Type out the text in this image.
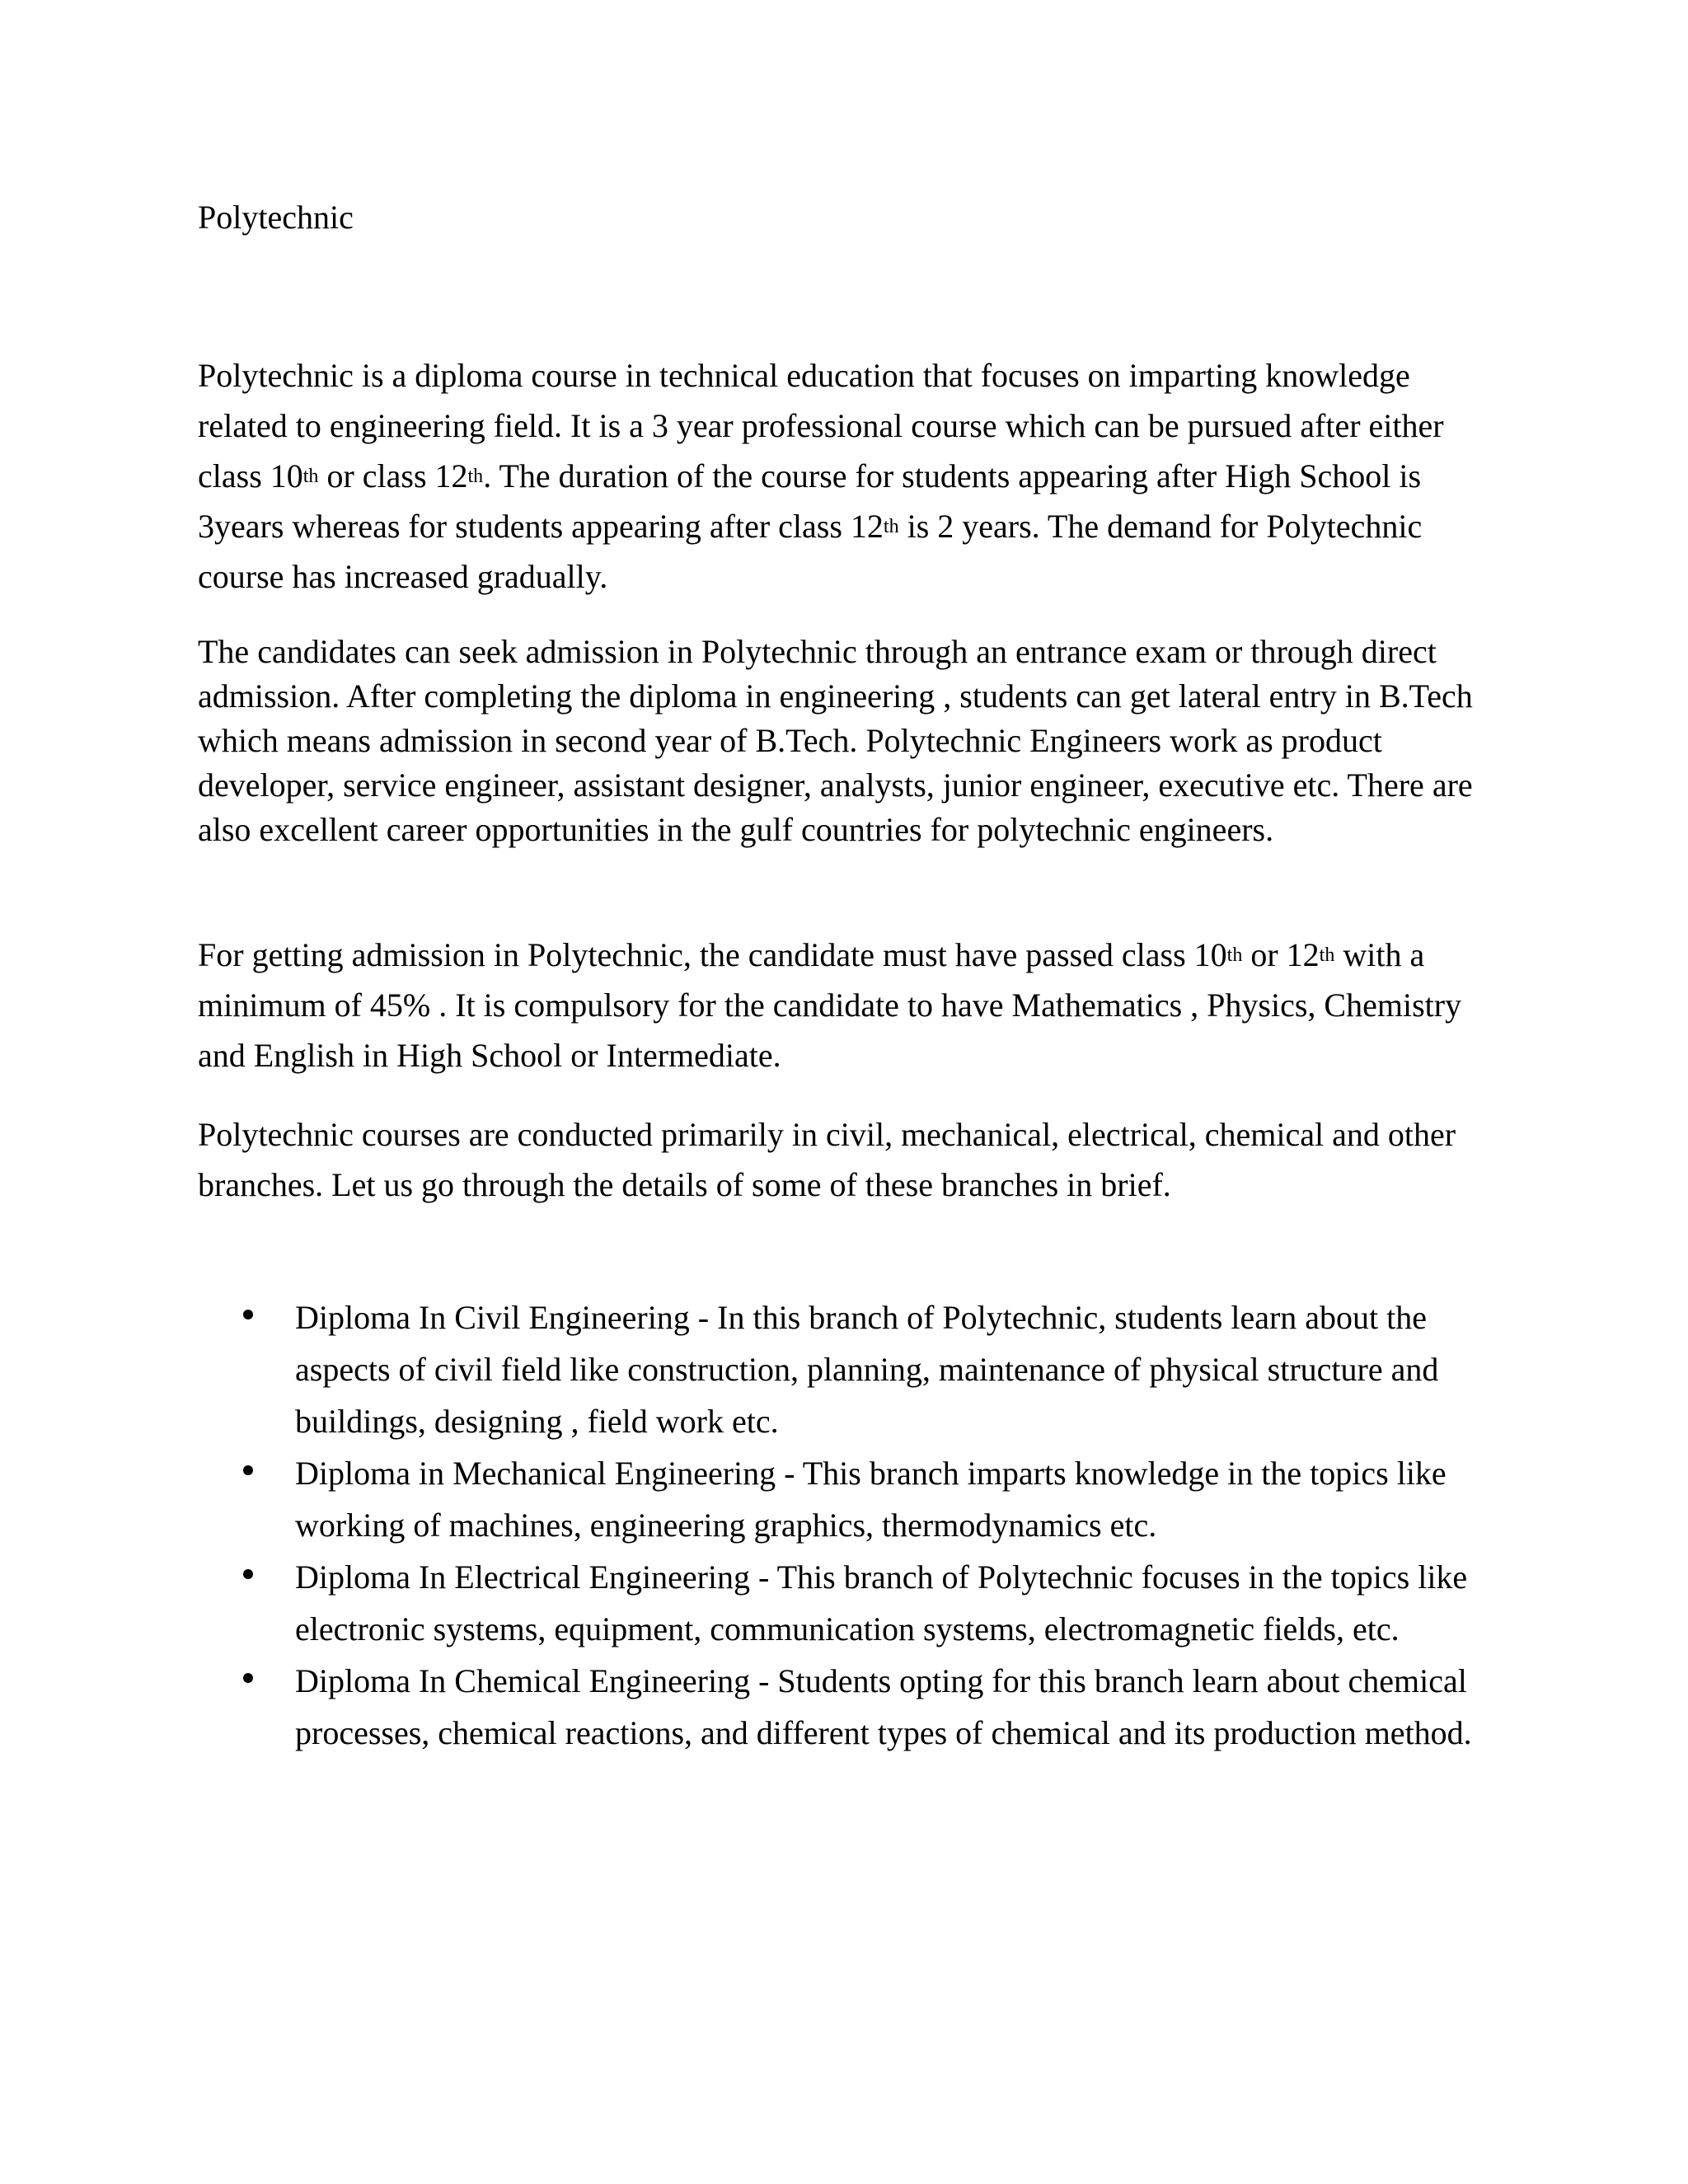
Polytechnic

Polytechnic is a diploma course in technical education that focuses on imparting knowledge related to engineering field. It is a 3 year professional course which can be pursued after either class 10th or class 12th. The duration of the course for students appearing after High School is 3years whereas for students appearing after class 12th is 2 years. The demand for Polytechnic course has increased gradually.

The candidates can seek admission in Polytechnic through an entrance exam or through direct admission. After completing the diploma in engineering , students can get lateral entry in B.Tech which means admission in second year of B.Tech. Polytechnic Engineers work as product developer, service engineer, assistant designer, analysts, junior engineer, executive etc. There are also excellent career opportunities in the gulf countries for polytechnic engineers.

For getting admission in Polytechnic, the candidate must have passed class 10th or 12th with a minimum of 45% . It is compulsory for the candidate to have Mathematics , Physics, Chemistry and English in High School or Intermediate.

Polytechnic courses are conducted primarily in civil, mechanical, electrical, chemical and other branches. Let us go through the details of some of these branches in brief.

Diploma In Civil Engineering - In this branch of Polytechnic, students learn about the aspects of civil field like construction, planning, maintenance of physical structure and buildings, designing , field work etc.
Diploma in Mechanical Engineering - This branch imparts knowledge in the topics like working of machines, engineering graphics, thermodynamics etc.
Diploma In Electrical Engineering - This branch of Polytechnic focuses in the topics like electronic systems, equipment, communication systems, electromagnetic fields, etc.
Diploma In Chemical Engineering - Students opting for this branch learn about chemical processes, chemical reactions, and different types of chemical and its production method.
